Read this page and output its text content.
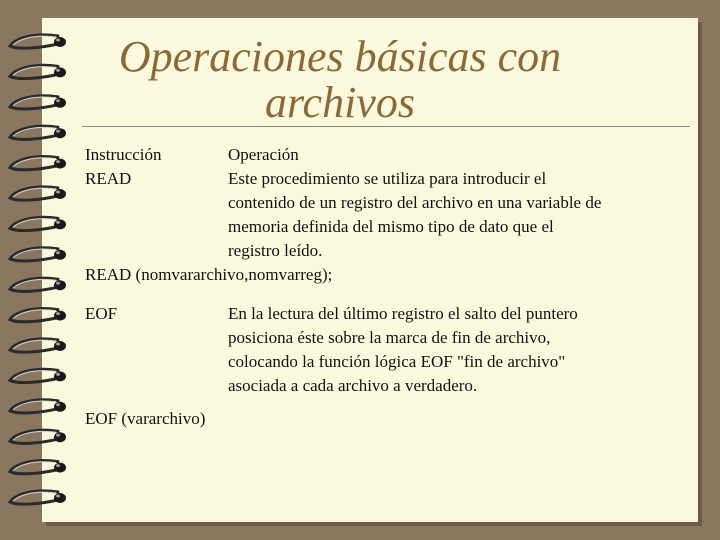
Operaciones básicas con
archivos
Instrucción	Operación
READ	Este procedimiento se utiliza para introducir el
contenido de un registro del archivo en una variable de
memoria definida del mismo tipo de dato que el
registro leído.
READ (nomvararchivo,nomvarreg);
EOF	En la lectura del último registro el salto del puntero
posiciona éste sobre la marca de fin de archivo,
colocando la función lógica EOF "fin de archivo"
asociada a cada archivo a verdadero.
EOF (vararchivo)
